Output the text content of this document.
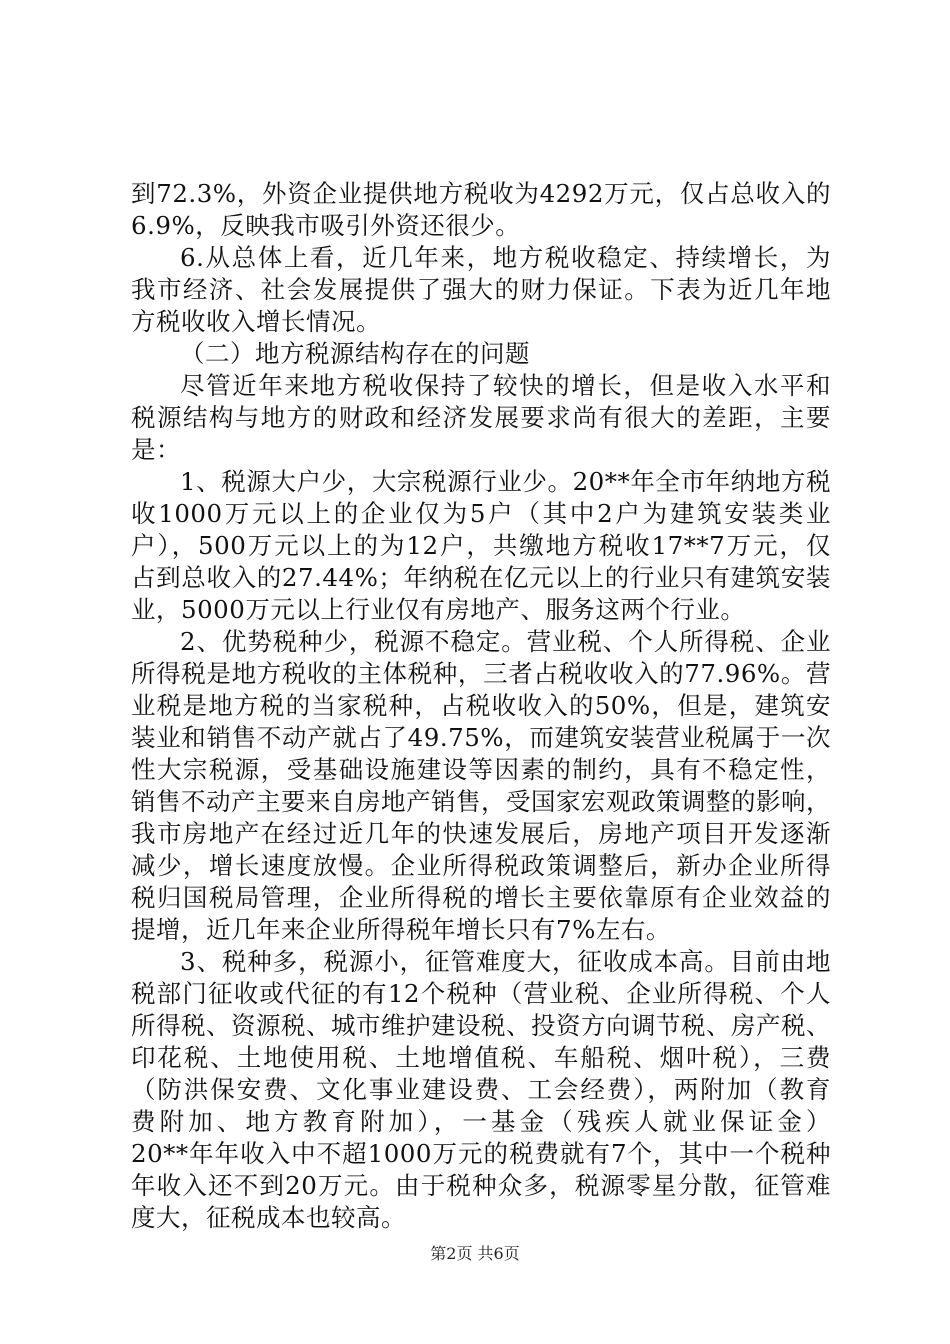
到72.3%，外资企业提供地方税收为4292万元，仅占总收入的
6.9%，反映我市吸引外资还很少。
6.从总体上看，近几年来，地方税收稳定、持续增长，为
我市经济、社会发展提供了强大的财力保证。下表为近几年地
方税收收入增长情况。
（二）地方税源结构存在的问题
尽管近年来地方税收保持了较快的增长，但是收入水平和
税源结构与地方的财政和经济发展要求尚有很大的差距，主要
是：
1、税源大户少，大宗税源行业少。20**年全市年纳地方税
收1000万元以上的企业仅为5户（其中2户为建筑安装类业
户），500万元以上的为12户，共缴地方税收17**7万元，仅
占到总收入的27.44%；年纳税在亿元以上的行业只有建筑安装
业，5000万元以上行业仅有房地产、服务这两个行业。
2、优势税种少，税源不稳定。营业税、个人所得税、企业
所得税是地方税收的主体税种，三者占税收收入的77.96%。营
业税是地方税的当家税种，占税收收入的50%，但是，建筑安
装业和销售不动产就占了49.75%，而建筑安装营业税属于一次
性大宗税源，受基础设施建设等因素的制约，具有不稳定性，
销售不动产主要来自房地产销售，受国家宏观政策调整的影响，
我市房地产在经过近几年的快速发展后，房地产项目开发逐渐
减少，增长速度放慢。企业所得税政策调整后，新办企业所得
税归国税局管理，企业所得税的增长主要依靠原有企业效益的
提增，近几年来企业所得税年增长只有7%左右。
3、税种多，税源小，征管难度大，征收成本高。目前由地
税部门征收或代征的有12个税种（营业税、企业所得税、个人
所得税、资源税、城市维护建设税、投资方向调节税、房产税、
印花税、土地使用税、土地增值税、车船税、烟叶税），三费
（防洪保安费、文化事业建设费、工会经费），两附加（教育
费附加、地方教育附加），一基金（残疾人就业保证金）
20**年年收入中不超1000万元的税费就有7个，其中一个税种
年收入还不到20万元。由于税种众多，税源零星分散，征管难
度大，征税成本也较高。
第2页 共6页
